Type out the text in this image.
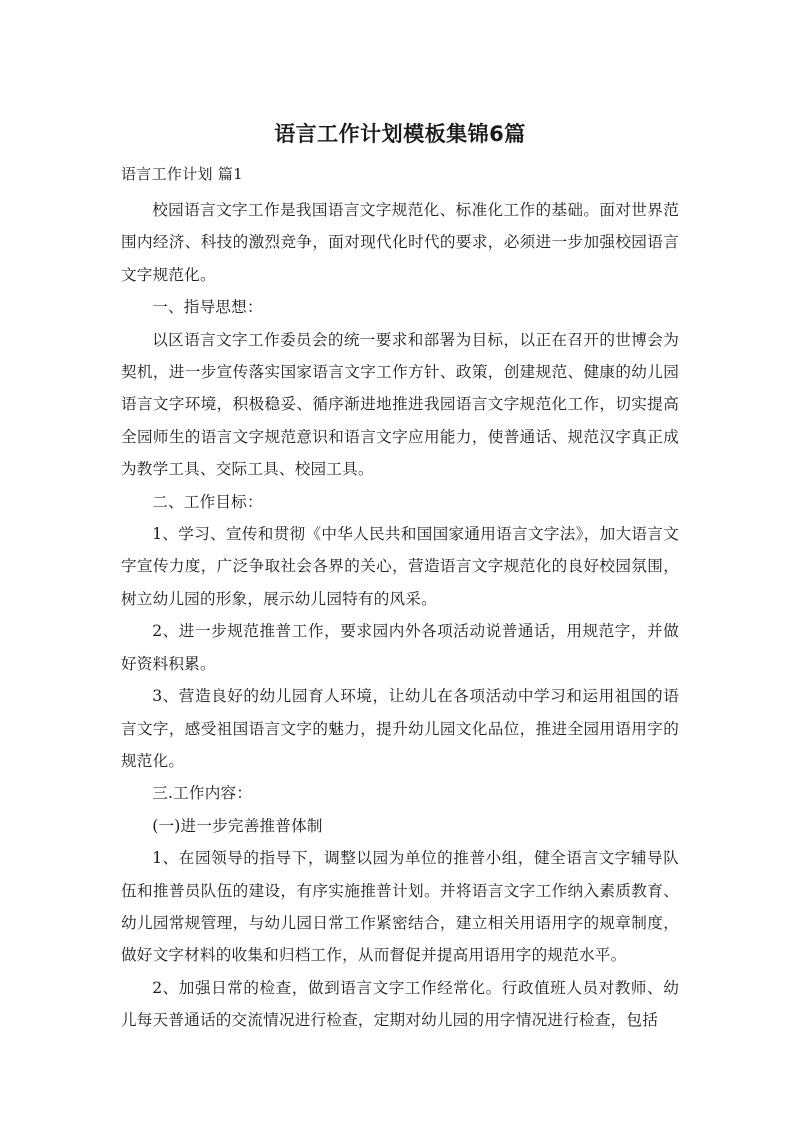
语言工作计划模板集锦6篇
语言工作计划 篇1

校园语言文字工作是我国语言文字规范化、标准化工作的基础。面对世界范围内经济、科技的激烈竞争，面对现代化时代的要求，必须进一步加强校园语言文字规范化。

一、指导思想：

以区语言文字工作委员会的统一要求和部署为目标，以正在召开的世博会为契机，进一步宣传落实国家语言文字工作方针、政策，创建规范、健康的幼儿园语言文字环境，积极稳妥、循序渐进地推进我园语言文字规范化工作，切实提高全园师生的语言文字规范意识和语言文字应用能力，使普通话、规范汉字真正成为教学工具、交际工具、校园工具。

二、工作目标：

1、学习、宣传和贯彻《中华人民共和国国家通用语言文字法》，加大语言文字宣传力度，广泛争取社会各界的关心，营造语言文字规范化的良好校园氛围，树立幼儿园的形象，展示幼儿园特有的风采。

2、进一步规范推普工作，要求园内外各项活动说普通话，用规范字，并做好资料积累。

3、营造良好的幼儿园育人环境，让幼儿在各项活动中学习和运用祖国的语言文字，感受祖国语言文字的魅力，提升幼儿园文化品位，推进全园用语用字的规范化。

三.工作内容：

(一)进一步完善推普体制

1、在园领导的指导下，调整以园为单位的推普小组，健全语言文字辅导队伍和推普员队伍的建设，有序实施推普计划。并将语言文字工作纳入素质教育、幼儿园常规管理，与幼儿园日常工作紧密结合，建立相关用语用字的规章制度，做好文字材料的收集和归档工作，从而督促并提高用语用字的规范水平。

2、加强日常的检查，做到语言文字工作经常化。行政值班人员对教师、幼儿每天普通话的交流情况进行检查，定期对幼儿园的用字情况进行检查，包括
